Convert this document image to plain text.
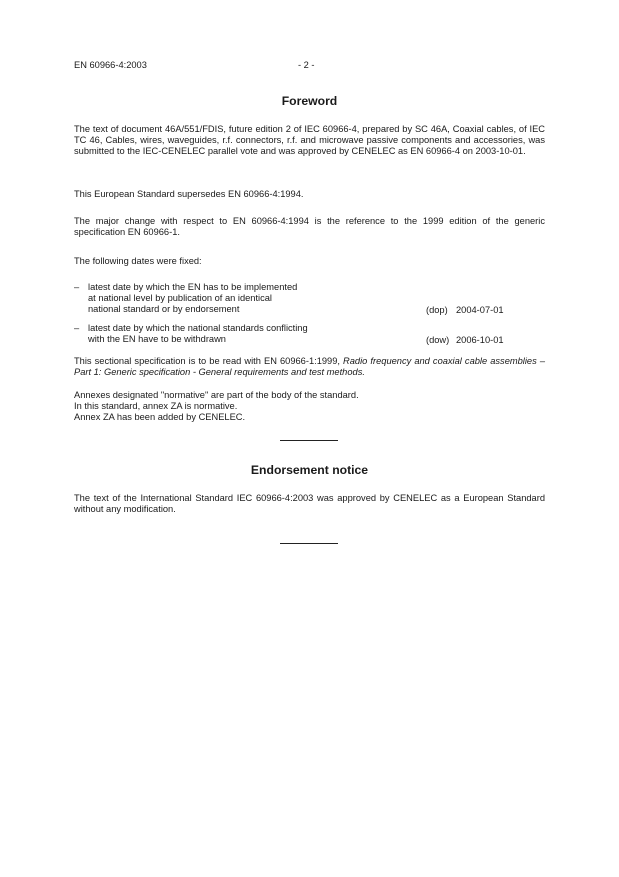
EN 60966-4:2003	- 2 -
Foreword
The text of document 46A/551/FDIS, future edition 2 of IEC 60966-4, prepared by SC 46A, Coaxial cables, of IEC TC 46, Cables, wires, waveguides, r.f. connectors, r.f. and microwave passive components and accessories, was submitted to the IEC-CENELEC parallel vote and was approved by CENELEC as EN 60966-4 on 2003-10-01.
This European Standard supersedes EN 60966-4:1994.
The major change with respect to EN 60966-4:1994 is the reference to the 1999 edition of the generic specification EN 60966-1.
The following dates were fixed:
– latest date by which the EN has to be implemented
at national level by publication of an identical
national standard or by endorsement	(dop) 2004-07-01
– latest date by which the national standards conflicting
with the EN have to be withdrawn	(dow) 2006-10-01
This sectional specification is to be read with EN 60966-1:1999, Radio frequency and coaxial cable assemblies – Part 1: Generic specification - General requirements and test methods.
Annexes designated "normative" are part of the body of the standard.
In this standard, annex ZA is normative.
Annex ZA has been added by CENELEC.
Endorsement notice
The text of the International Standard IEC 60966-4:2003 was approved by CENELEC as a European Standard without any modification.
